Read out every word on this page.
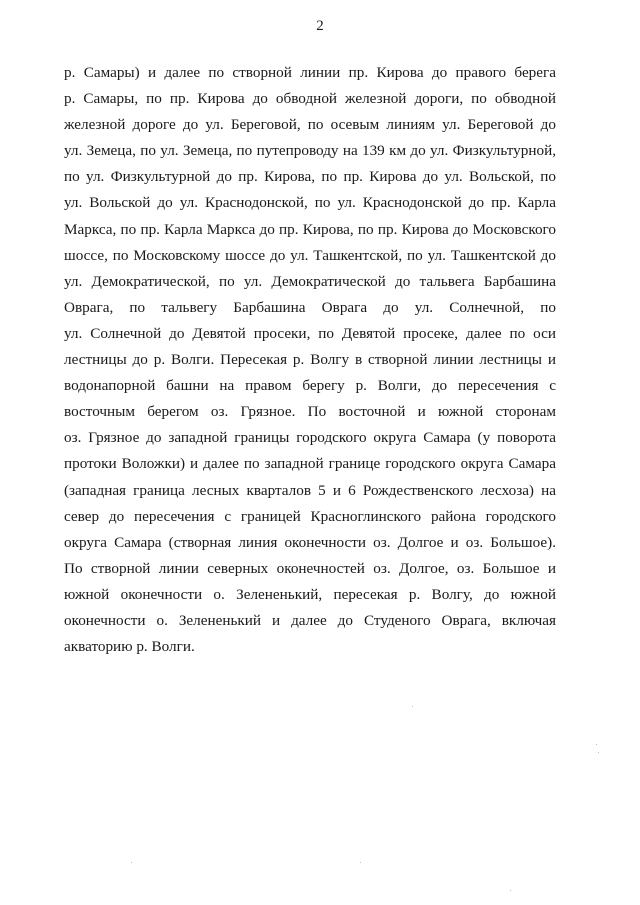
2
р. Самары) и далее по створной линии пр. Кирова до правого берега
р. Самары, по пр. Кирова до обводной железной дороги, по обводной
железной дороге до ул. Береговой, по осевым линиям ул. Береговой до
ул. Земеца, по ул. Земеца, по путепроводу на 139 км до ул. Физкультурной,
по ул. Физкультурной до пр. Кирова, по пр. Кирова до ул. Вольской, по
ул. Вольской до ул. Краснодонской, по ул. Краснодонской до пр. Карла
Маркса, по пр. Карла Маркса до пр. Кирова, по пр. Кирова до Московского
шоссе, по Московскому шоссе до ул. Ташкентской, по ул. Ташкентской до
ул. Демократической, по ул. Демократической до тальвега Барбашина
Оврага, по тальвегу Барбашина Оврага до ул. Солнечной, по
ул. Солнечной до Девятой просеки, по Девятой просеке, далее по оси
лестницы до р. Волги. Пересекая р. Волгу в створной линии лестницы и
водонапорной башни на правом берегу р. Волги, до пересечения с
восточным берегом оз. Грязное. По восточной и южной сторонам
оз. Грязное до западной границы городского округа Самара (у поворота
протоки Воложки) и далее по западной границе городского округа Самара
(западная граница лесных кварталов 5 и 6 Рождественского лесхоза) на
север до пересечения с границей Красноглинского района городского
округа Самара (створная линия оконечности оз. Долгое и оз. Большое).
По створной линии северных оконечностей оз. Долгое, оз. Большое и
южной оконечности о. Зелененький, пересекая р. Волгу, до южной
оконечности о. Зелененький и далее до Студеного Оврага, включая
акваторию р. Волги.
